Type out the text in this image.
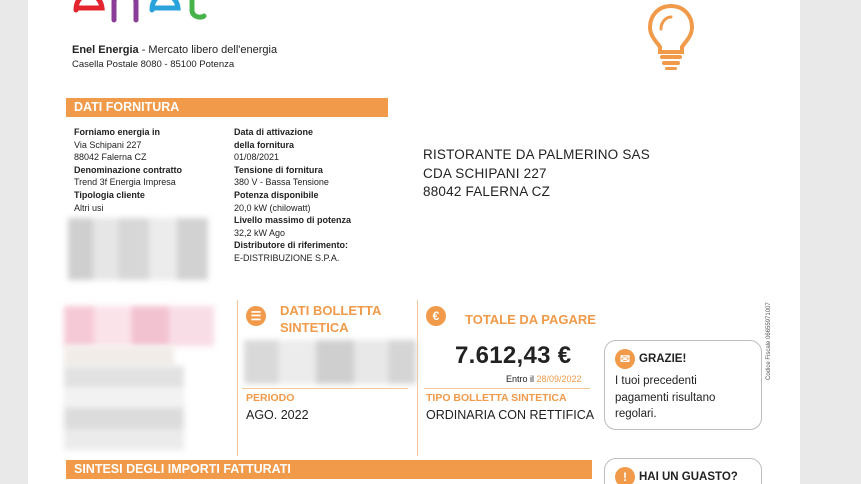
Enel Energia - Mercato libero dell'energia
Casella Postale 8080 - 85100 Potenza
DATI FORNITURA
Forniamo energia in
Via Schipani 227
88042 Falerna CZ
Denominazione contratto
Trend 3f Energia Impresa
Tipologia cliente
Altri usi
Data di attivazione
della fornitura
01/08/2021
Tensione di fornitura
380 V - Bassa Tensione
Potenza disponibile
20,0 kW (chilowatt)
Livello massimo di potenza
32,2 kW Ago
Distributore di riferimento:
E-DISTRIBUZIONE S.P.A.
☰	DATI BOLLETTA
SINTETICA
PERIODO
AGO. 2022
€	TOTALE DA PAGARE
7.612,43 €
Entro il 28/09/2022
TIPO BOLLETTA SINTETICA
ORDINARIA CON RETTIFICA
✉ GRAZIE!
I tuoi precedenti
pagamenti risultano
regolari.
!	HAI UN GUASTO?
SINTESI DEGLI IMPORTI FATTURATI
Codice Fiscale 06655971007
RISTORANTE DA PALMERINO SAS
CDA SCHIPANI 227
88042 FALERNA CZ
